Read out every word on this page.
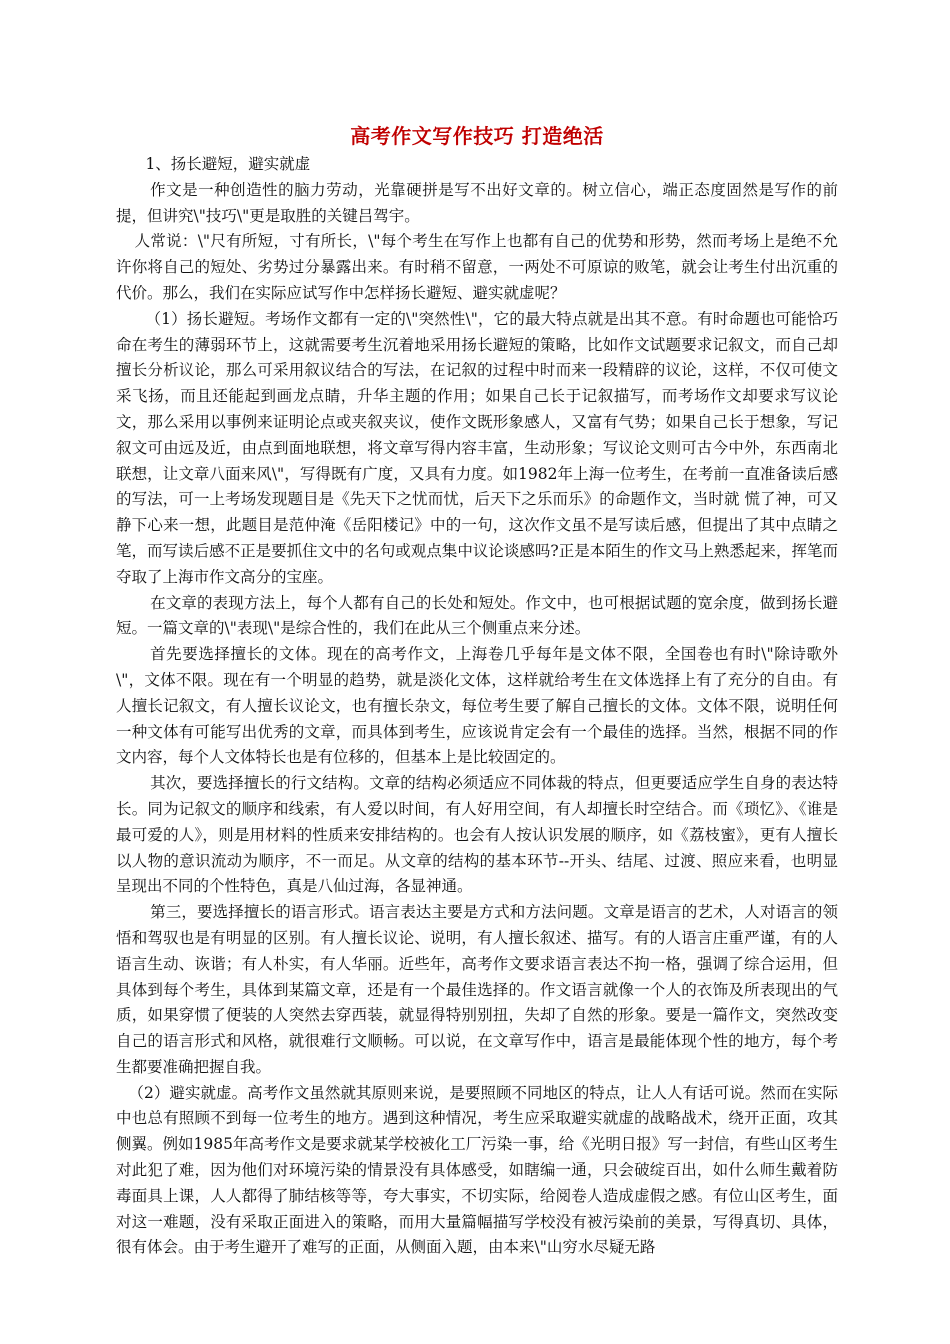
高考作文写作技巧 打造绝活

1、扬长避短，避实就虚

作文是一种创造性的脑力劳动，光靠硬拼是写不出好文章的。树立信心，端正态度固然是写作的前提，但讲究\"技巧\"更是取胜的关键吕驾宇。

人常说：\"尺有所短，寸有所长，\"每个考生在写作上也都有自己的优势和形势，然而考场上是绝不允许你将自己的短处、劣势过分暴露出来。有时稍不留意，一两处不可原谅的败笔，就会让考生付出沉重的代价。那么，我们在实际应试写作中怎样扬长避短、避实就虚呢？

（1）扬长避短。考场作文都有一定的\"突然性\"，它的最大特点就是出其不意。有时命题也可能恰巧命在考生的薄弱环节上，这就需要考生沉着地采用扬长避短的策略，比如作文试题要求记叙文，而自己却擅长分析议论，那么可采用叙议结合的写法，在记叙的过程中时而来一段精辟的议论，这样，不仅可使文采飞扬，而且还能起到画龙点睛，升华主题的作用；如果自己长于记叙描写，而考场作文却要求写议论文，那么采用以事例来证明论点或夹叙夹议，使作文既形象感人，又富有气势；如果自己长于想象，写记叙文可由远及近，由点到面地联想，将文章写得内容丰富，生动形象；写议论文则可古今中外，东西南北联想，让文章八面来风\"，写得既有广度，又具有力度。如1982年上海一位考生，在考前一直准备读后感的写法，可一上考场发现题目是《先天下之忧而忧，后天下之乐而乐》的命题作文，当时就 慌了神，可又静下心来一想，此题目是范仲淹《岳阳楼记》中的一句，这次作文虽不是写读后感，但提出了其中点睛之笔，而写读后感不正是要抓住文中的名句或观点集中议论谈感吗?正是本陌生的作文马上熟悉起来，挥笔而夺取了上海市作文高分的宝座。

在文章的表现方法上，每个人都有自己的长处和短处。作文中，也可根据试题的宽余度，做到扬长避短。一篇文章的\"表现\"是综合性的，我们在此从三个侧重点来分述。

首先要选择擅长的文体。现在的高考作文，上海卷几乎每年是文体不限，全国卷也有时\"除诗歌外\"，文体不限。现在有一个明显的趋势，就是淡化文体，这样就给考生在文体选择上有了充分的自由。有人擅长记叙文，有人擅长议论文，也有擅长杂文，每位考生要了解自己擅长的文体。文体不限，说明任何一种文体有可能写出优秀的文章，而具体到考生，应该说肯定会有一个最佳的选择。当然，根据不同的作文内容，每个人文体特长也是有位移的，但基本上是比较固定的。

其次，要选择擅长的行文结构。文章的结构必须适应不同体裁的特点，但更要适应学生自身的表达特长。同为记叙文的顺序和线索，有人爱以时间，有人好用空间，有人却擅长时空结合。而《琐忆》、《谁是最可爱的人》，则是用材料的性质来安排结构的。也会有人按认识发展的顺序，如《荔枝蜜》，更有人擅长以人物的意识流动为顺序，不一而足。从文章的结构的基本环节--开头、结尾、过渡、照应来看，也明显呈现出不同的个性特色，真是八仙过海，各显神通。

第三，要选择擅长的语言形式。语言表达主要是方式和方法问题。文章是语言的艺术，人对语言的领悟和驾驭也是有明显的区别。有人擅长议论、说明，有人擅长叙述、描写。有的人语言庄重严谨，有的人语言生动、诙谐；有人朴实，有人华丽。近些年，高考作文要求语言表达不拘一格，强调了综合运用，但具体到每个考生，具体到某篇文章，还是有一个最佳选择的。作文语言就像一个人的衣饰及所表现出的气质，如果穿惯了便装的人突然去穿西装，就显得特别别扭，失却了自然的形象。要是一篇作文，突然改变自己的语言形式和风格，就很难行文顺畅。可以说，在文章写作中，语言是最能体现个性的地方，每个考生都要准确把握自我。

（2）避实就虚。高考作文虽然就其原则来说，是要照顾不同地区的特点，让人人有话可说。然而在实际中也总有照顾不到每一位考生的地方。遇到这种情况，考生应采取避实就虚的战略战术，绕开正面，攻其侧翼。例如1985年高考作文是要求就某学校被化工厂污染一事，给《光明日报》写一封信，有些山区考生对此犯了难，因为他们对环境污染的情景没有具体感受，如瞎编一通，只会破绽百出，如什么师生戴着防毒面具上课，人人都得了肺结核等等，夸大事实，不切实际，给阅卷人造成虚假之感。有位山区考生，面对这一难题，没有采取正面进入的策略，而用大量篇幅描写学校没有被污染前的美景，写得真切、具体，很有体会。由于考生避开了难写的正面，从侧面入题，由本来\"山穷水尽疑无路
